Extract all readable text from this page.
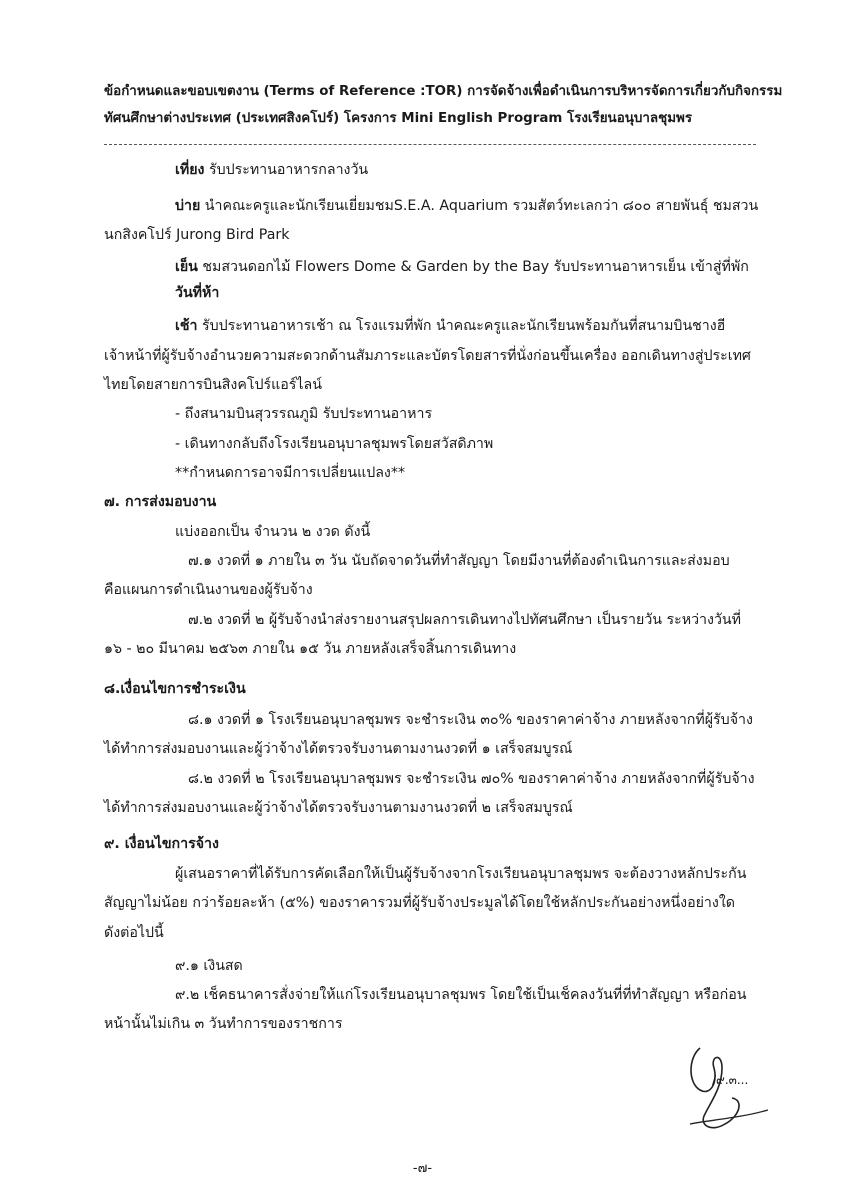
ข้อกำหนดและขอบเขตงาน (Terms of Reference :TOR) การจัดจ้างเพื่อดำเนินการบริหารจัดการเกี่ยวกับกิจกรรม
ทัศนศึกษาต่างประเทศ (ประเทศสิงคโปร์) โครงการ Mini English Program โรงเรียนอนุบาลชุมพร
เที่ยง รับประทานอาหารกลางวัน
บ่าย นำคณะครูและนักเรียนเยี่ยมชมS.E.A. Aquarium รวมสัตว์ทะเลกว่า ๘๐๐ สายพันธุ์ ชมสวน
นกสิงคโปร์ Jurong Bird Park
เย็น ชมสวนดอกไม้ Flowers Dome & Garden by the Bay รับประทานอาหารเย็น เข้าสู่ที่พัก
วันที่ห้า
เช้า รับประทานอาหารเช้า ณ โรงแรมที่พัก นำคณะครูและนักเรียนพร้อมกันที่สนามบินชางฮี
เจ้าหน้าที่ผู้รับจ้างอำนวยความสะดวกด้านสัมภาระและบัตรโดยสารที่นั่งก่อนขึ้นเครื่อง ออกเดินทางสู่ประเทศ
ไทยโดยสายการบินสิงคโปร์แอร์ไลน์
- ถึงสนามบินสุวรรณภูมิ รับประทานอาหาร
- เดินทางกลับถึงโรงเรียนอนุบาลชุมพรโดยสวัสดิภาพ
**กำหนดการอาจมีการเปลี่ยนแปลง**
๗. การส่งมอบงาน
แบ่งออกเป็น จำนวน ๒ งวด ดังนี้
๗.๑ งวดที่ ๑ ภายใน ๓ วัน นับถัดจาดวันที่ทำสัญญา โดยมีงานที่ต้องดำเนินการและส่งมอบ
คือแผนการดำเนินงานของผู้รับจ้าง
๗.๒ งวดที่ ๒ ผู้รับจ้างนำส่งรายงานสรุปผลการเดินทางไปทัศนศึกษา เป็นรายวัน ระหว่างวันที่
๑๖ - ๒๐ มีนาคม ๒๕๖๓ ภายใน ๑๕ วัน ภายหลังเสร็จสิ้นการเดินทาง
๘.เงื่อนไขการชำระเงิน
๘.๑ งวดที่ ๑ โรงเรียนอนุบาลชุมพร จะชำระเงิน ๓๐% ของราคาค่าจ้าง ภายหลังจากที่ผู้รับจ้าง
ได้ทำการส่งมอบงานและผู้ว่าจ้างได้ตรวจรับงานตามงานงวดที่ ๑ เสร็จสมบูรณ์
๘.๒ งวดที่ ๒ โรงเรียนอนุบาลชุมพร จะชำระเงิน ๗๐% ของราคาค่าจ้าง ภายหลังจากที่ผู้รับจ้าง
ได้ทำการส่งมอบงานและผู้ว่าจ้างได้ตรวจรับงานตามงานงวดที่ ๒ เสร็จสมบูรณ์
๙. เงื่อนไขการจ้าง
ผู้เสนอราคาที่ได้รับการคัดเลือกให้เป็นผู้รับจ้างจากโรงเรียนอนุบาลชุมพร จะต้องวางหลักประกัน
สัญญาไม่น้อย กว่าร้อยละห้า (๕%) ของราคารวมที่ผู้รับจ้างประมูลได้โดยใช้หลักประกันอย่างหนึ่งอย่างใด
ดังต่อไปนี้
๙.๑ เงินสด
๙.๒ เช็คธนาคารสั่งจ่ายให้แก่โรงเรียนอนุบาลชุมพร โดยใช้เป็นเช็คลงวันที่ที่ทำสัญญา หรือก่อน
หน้านั้นไม่เกิน ๓ วันทำการของราชการ
/๙.๓...
-๗-
